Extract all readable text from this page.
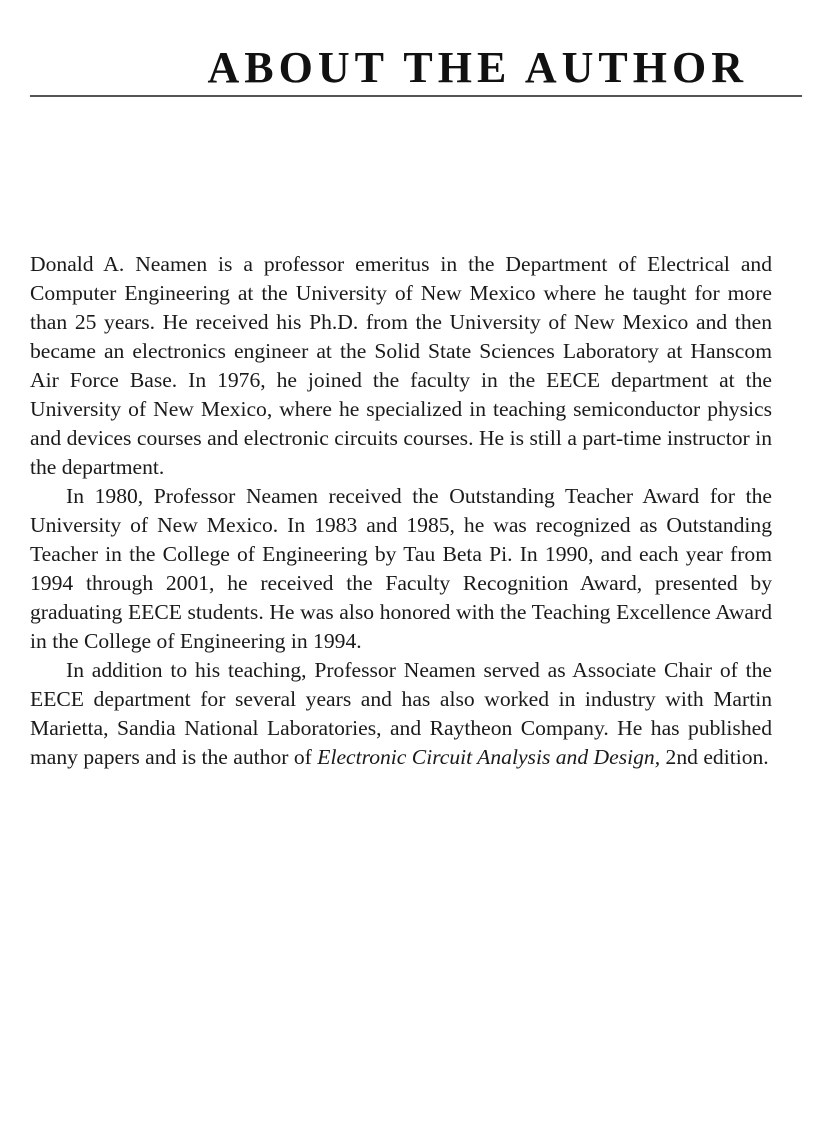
ABOUT THE AUTHOR

Donald A. Neamen is a professor emeritus in the Department of Electrical and Computer Engineering at the University of New Mexico where he taught for more than 25 years. He received his Ph.D. from the University of New Mexico and then became an electronics engineer at the Solid State Sciences Laboratory at Hanscom Air Force Base. In 1976, he joined the faculty in the EECE department at the University of New Mexico, where he specialized in teaching semiconductor physics and devices courses and electronic circuits courses. He is still a part-time instructor in the department.

In 1980, Professor Neamen received the Outstanding Teacher Award for the University of New Mexico. In 1983 and 1985, he was recognized as Outstanding Teacher in the College of Engineering by Tau Beta Pi. In 1990, and each year from 1994 through 2001, he received the Faculty Recognition Award, presented by graduating EECE students. He was also honored with the Teaching Excellence Award in the College of Engineering in 1994.

In addition to his teaching, Professor Neamen served as Associate Chair of the EECE department for several years and has also worked in industry with Martin Marietta, Sandia National Laboratories, and Raytheon Company. He has published many papers and is the author of Electronic Circuit Analysis and Design, 2nd edition.
